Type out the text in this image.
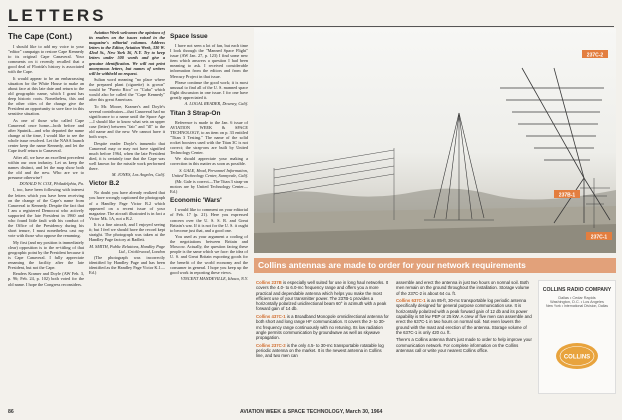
LETTERS
The Cape (Cont.)

I should like to add my voice to your "editor" campaign to restore Cape Kennedy to its original Cape Canaveral. Your comments on it recently recalled that a good deal of Florida's history is associated with the Cape.

It would appear to be an embarrassing situation for the White House to make an about face at this late date and return to the old geographic name, which I grant has deep historic roots. Nonetheless, this and the other cities of the change give the President an opportunity to save face in this sensitive situation.

As one of those who called Cape Canaveral once home—both before and after Sputnik—and who departed the name change at the time, I would like to see the whole issue resolved. Let the NASA launch center keep the name Kennedy, and let the Cape itself return to Canaveral.

After all, we have an excellent precedent within our own industry. Let us keep the names distinct, and let the map show both the old and the new. Who are we to presume otherwise?

DONALD W. COX, Philadelphia, Pa.

I, too, have been following with interest the letters which you have been receiving on the change of the Cape's name from Canaveral to Kennedy. Despite the fact that I am a registered Democrat who actively supported the late President in 1960 and who found little fault with his conduct of the Office of the Presidency during his short tenure, I must nonetheless cast my vote with those who oppose the renaming.

My first (and my position is immediately clear) opposition is to the re-titling of that geographic point by the President because it is Cape Canaveral. I fully appreciate renaming the facility after the late President, but not the Cape.

Readers Kramer and Doyle (AW Feb. 3, p. 96; Feb. 24, p. 102) both voted for the old name. I hope the Congress reconsiders.

Aviation Week welcomes the opinions of its readers on the issues raised in the magazine's editorial columns. Address letters to the Editor, Aviation Week, 330 W. 42nd St., New York 36, N.Y. Try to keep letters under 500 words and give a genuine identification. We will not print anonymous letters, but names of writers will be withheld on request.

Sultan word meaning "no place where the prepared plant (cigarette) is grown" would be "Puerto Rico" or "Cuba" which would also be called the "Cape Kennedy" after this great American.

To Mr. Moore, Kramer's and Doyle's several contributors—that Canaveral had no significance to a name until the Space Age—I should like to know what sets an upper case (letter) between "fair" and "ill" to the old name and the new. We cannot have it both ways.

Despite reader Doyle's innuendo that Canaveral may or may not have signified much before 1964, when the late President died, it is certainly true that the Cape was well known for the missile work performed there.

M. JONES, Los Angeles, Calif.

Victor B.2

No doubt you have already realized that you have wrongly captioned the photograph of a Handley Page Victor B.2 which appeared on a recent issue of your magazine. The aircraft illustrated is in fact a Victor Mk. 1A, not a B.2.

It is a fine aircraft, and I enjoyed seeing it; but I feel we should have the record kept straight. The photograph was taken at the Handley Page factory at Radlett.

M. SMITH, Public Relations, Handley Page Ltd., Cricklewood, London

(The photograph was incorrectly identified by Handley Page and has been identified as the Handley Page Victor K.1—Ed.)

Space Issue

I have not seen a lot of fan, but each time I look through the "Manned Space Flight" issue (AW Jan. 27, p. 123) I find some new item which answers a question I had been meaning to ask. I received considerable information from the editors and from the Mercury Project in that issue.

Please continue the good work; it is most unusual to find all of the U. S. manned space flight discussion in one issue. I for one have greatly appreciated it.

A. LOGAL READER, Downey, Calif.

Titan 3 Strap-On

Reference is made to the Jan. 6 issue of AVIATION WEEK & SPACE TECHNOLOGY, to an item on p. 33 entitled "Titan 3 Testing." The name of the solid rocket boosters used with the Titan 3C is not correct; the strap-ons are built by United Technology Center.

We should appreciate your making a correction in this matter as soon as possible.

S. GALE, Head, Personnel Information, United Technology Center, Sunnyvale, Calif.

(Mr. Gale is correct—The Titan 3 strap-on motors are by United Technology Center—Ed.)

Economic 'Wars'

I would like to comment on your editorial of Feb. 17 (p. 21). Here you expressed concern over the U. S. S. R. and Great Britain's war. If it is not for the U. S. it ought to become just that, and a good one.

You used as your argument a cooling of the negotiations between Britain and Moscow. Actually, the question facing these people is the same which we face: the idea of U. S. and Great Britain exporting goods for the benefit of the world economy and the consumer in general. I hope you keep up the good work in reporting these views.

VINCENT MANDEVILLE, Ithaca, N.Y.

237C-2
237B-1
237C-1
Collins antennas are made to order for your network requirements

Collins 237B is especially well suited for use in long haul networks. It covers the 4.0- to 6.0-mc frequency range and offers you a more practical and dependable antenna which helps you make the most efficient use of your transmitter power. The 237B-1 provides a horizontally polarized unidirectional beam 60° in azimuth with a peak forward gain of 14 db.

Collins 437C-1 is a Broadband Monopole omnidirectional antenna for both short and long range HF communication. It covers the 2- to 30-mc frequency range continuously with no retuning. Its low radiation angle permits communication by groundwave as well as skywave propagation.

Collins 237C-2 is the only 4.5- to 30-mc transportable rotatable log periodic antenna on the market. It is the newest antenna in Collins line, and two men can

assemble and erect the antenna in just two hours on normal soil. Both men remain on the ground throughout the installation. Storage volume of the 237C-2 is about 64 cu. ft.

Collins 637C-1 is an 85-ft, 30-mc transportable log periodic antenna specifically designed for general purpose communication use. It is horizontally polarized with a peak forward gain of 12 db and its power capability is 50 kw PEP or 25 kW. A crew of five men can assemble and erect the 637C-1 in two hours on normal soil. Not even lowers the ground with the mast and erection of the antenna. Storage volume of the 637C-1 is only 420 cu. ft.

There's a Collins antenna that's just made to order to help improve your communication network. For complete information on the Collins antennas call or write your nearest Collins office.

COLLINS RADIO COMPANY
Dallas • Cedar Rapids
Washington, D.C. • Los Angeles
New York • International Division, Dallas
COLLINS
86	AVIATION WEEK & SPACE TECHNOLOGY, March 30, 1964
